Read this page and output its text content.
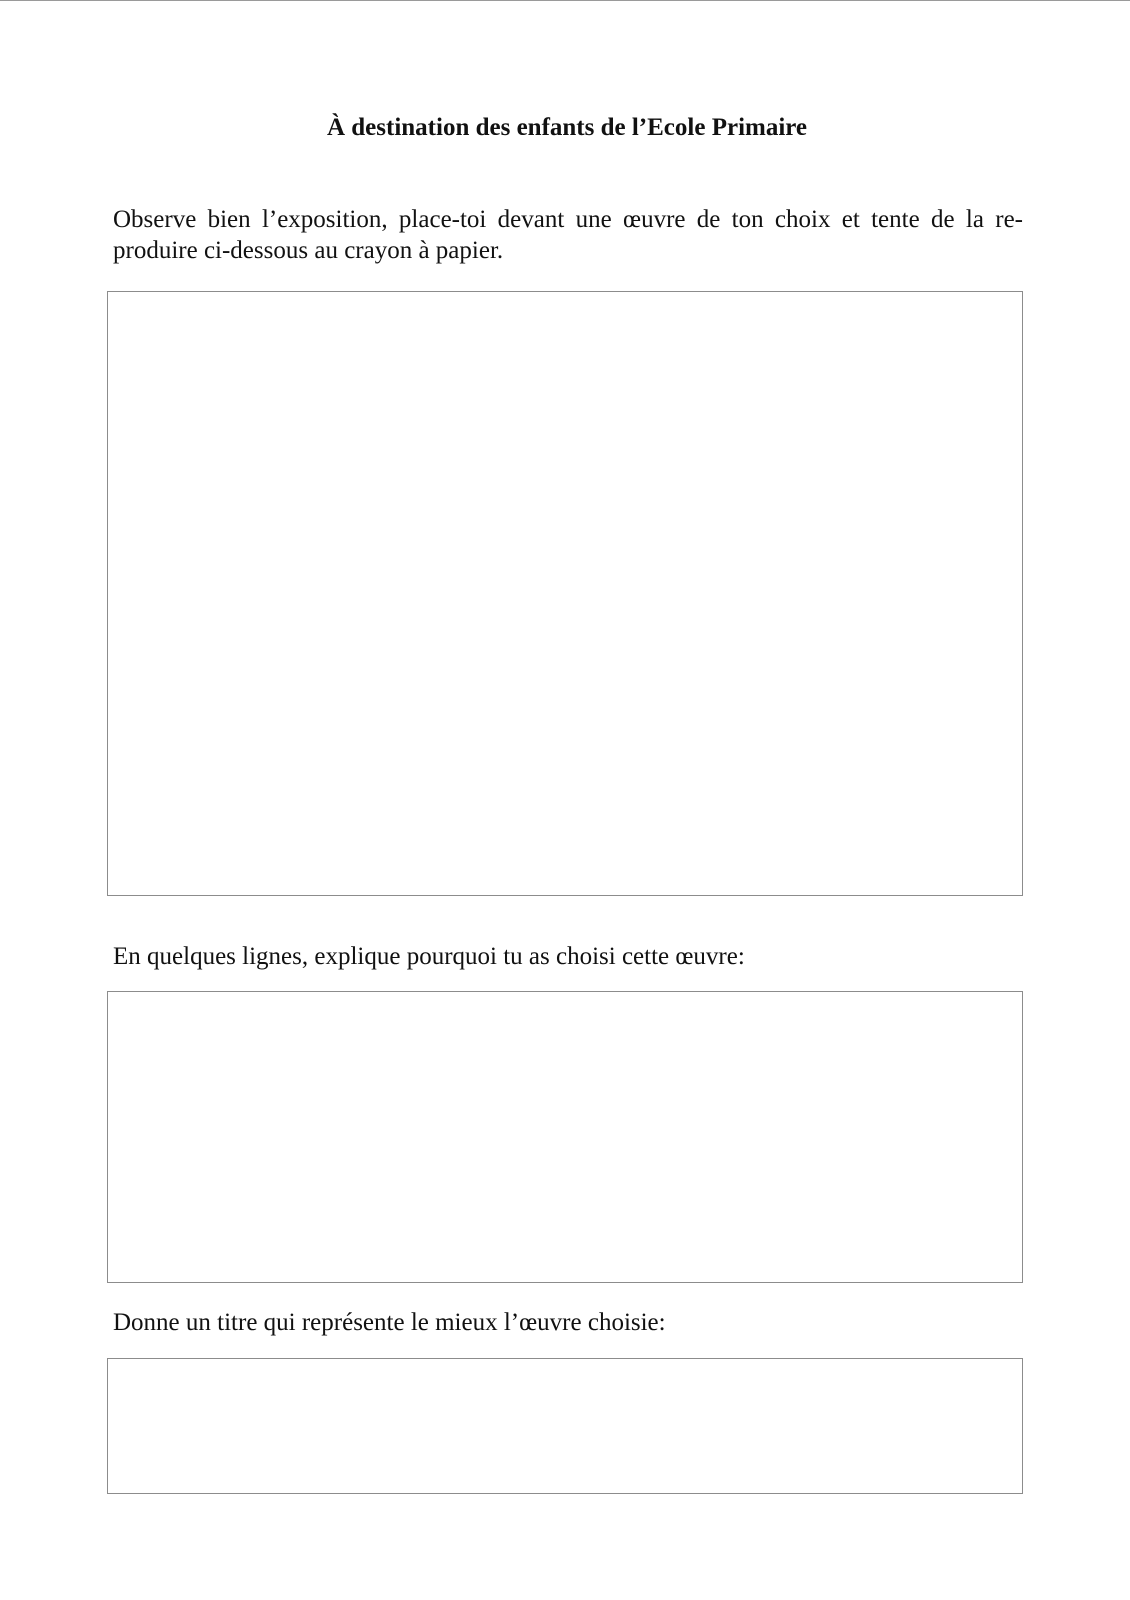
À destination des enfants de l’Ecole Primaire

Observe bien l’exposition, place-toi devant une œuvre de ton choix et tente de la re-produire ci-dessous au crayon à papier.

En quelques lignes, explique pourquoi tu as choisi cette œuvre:

Donne un titre qui représente le mieux l’œuvre choisie:
